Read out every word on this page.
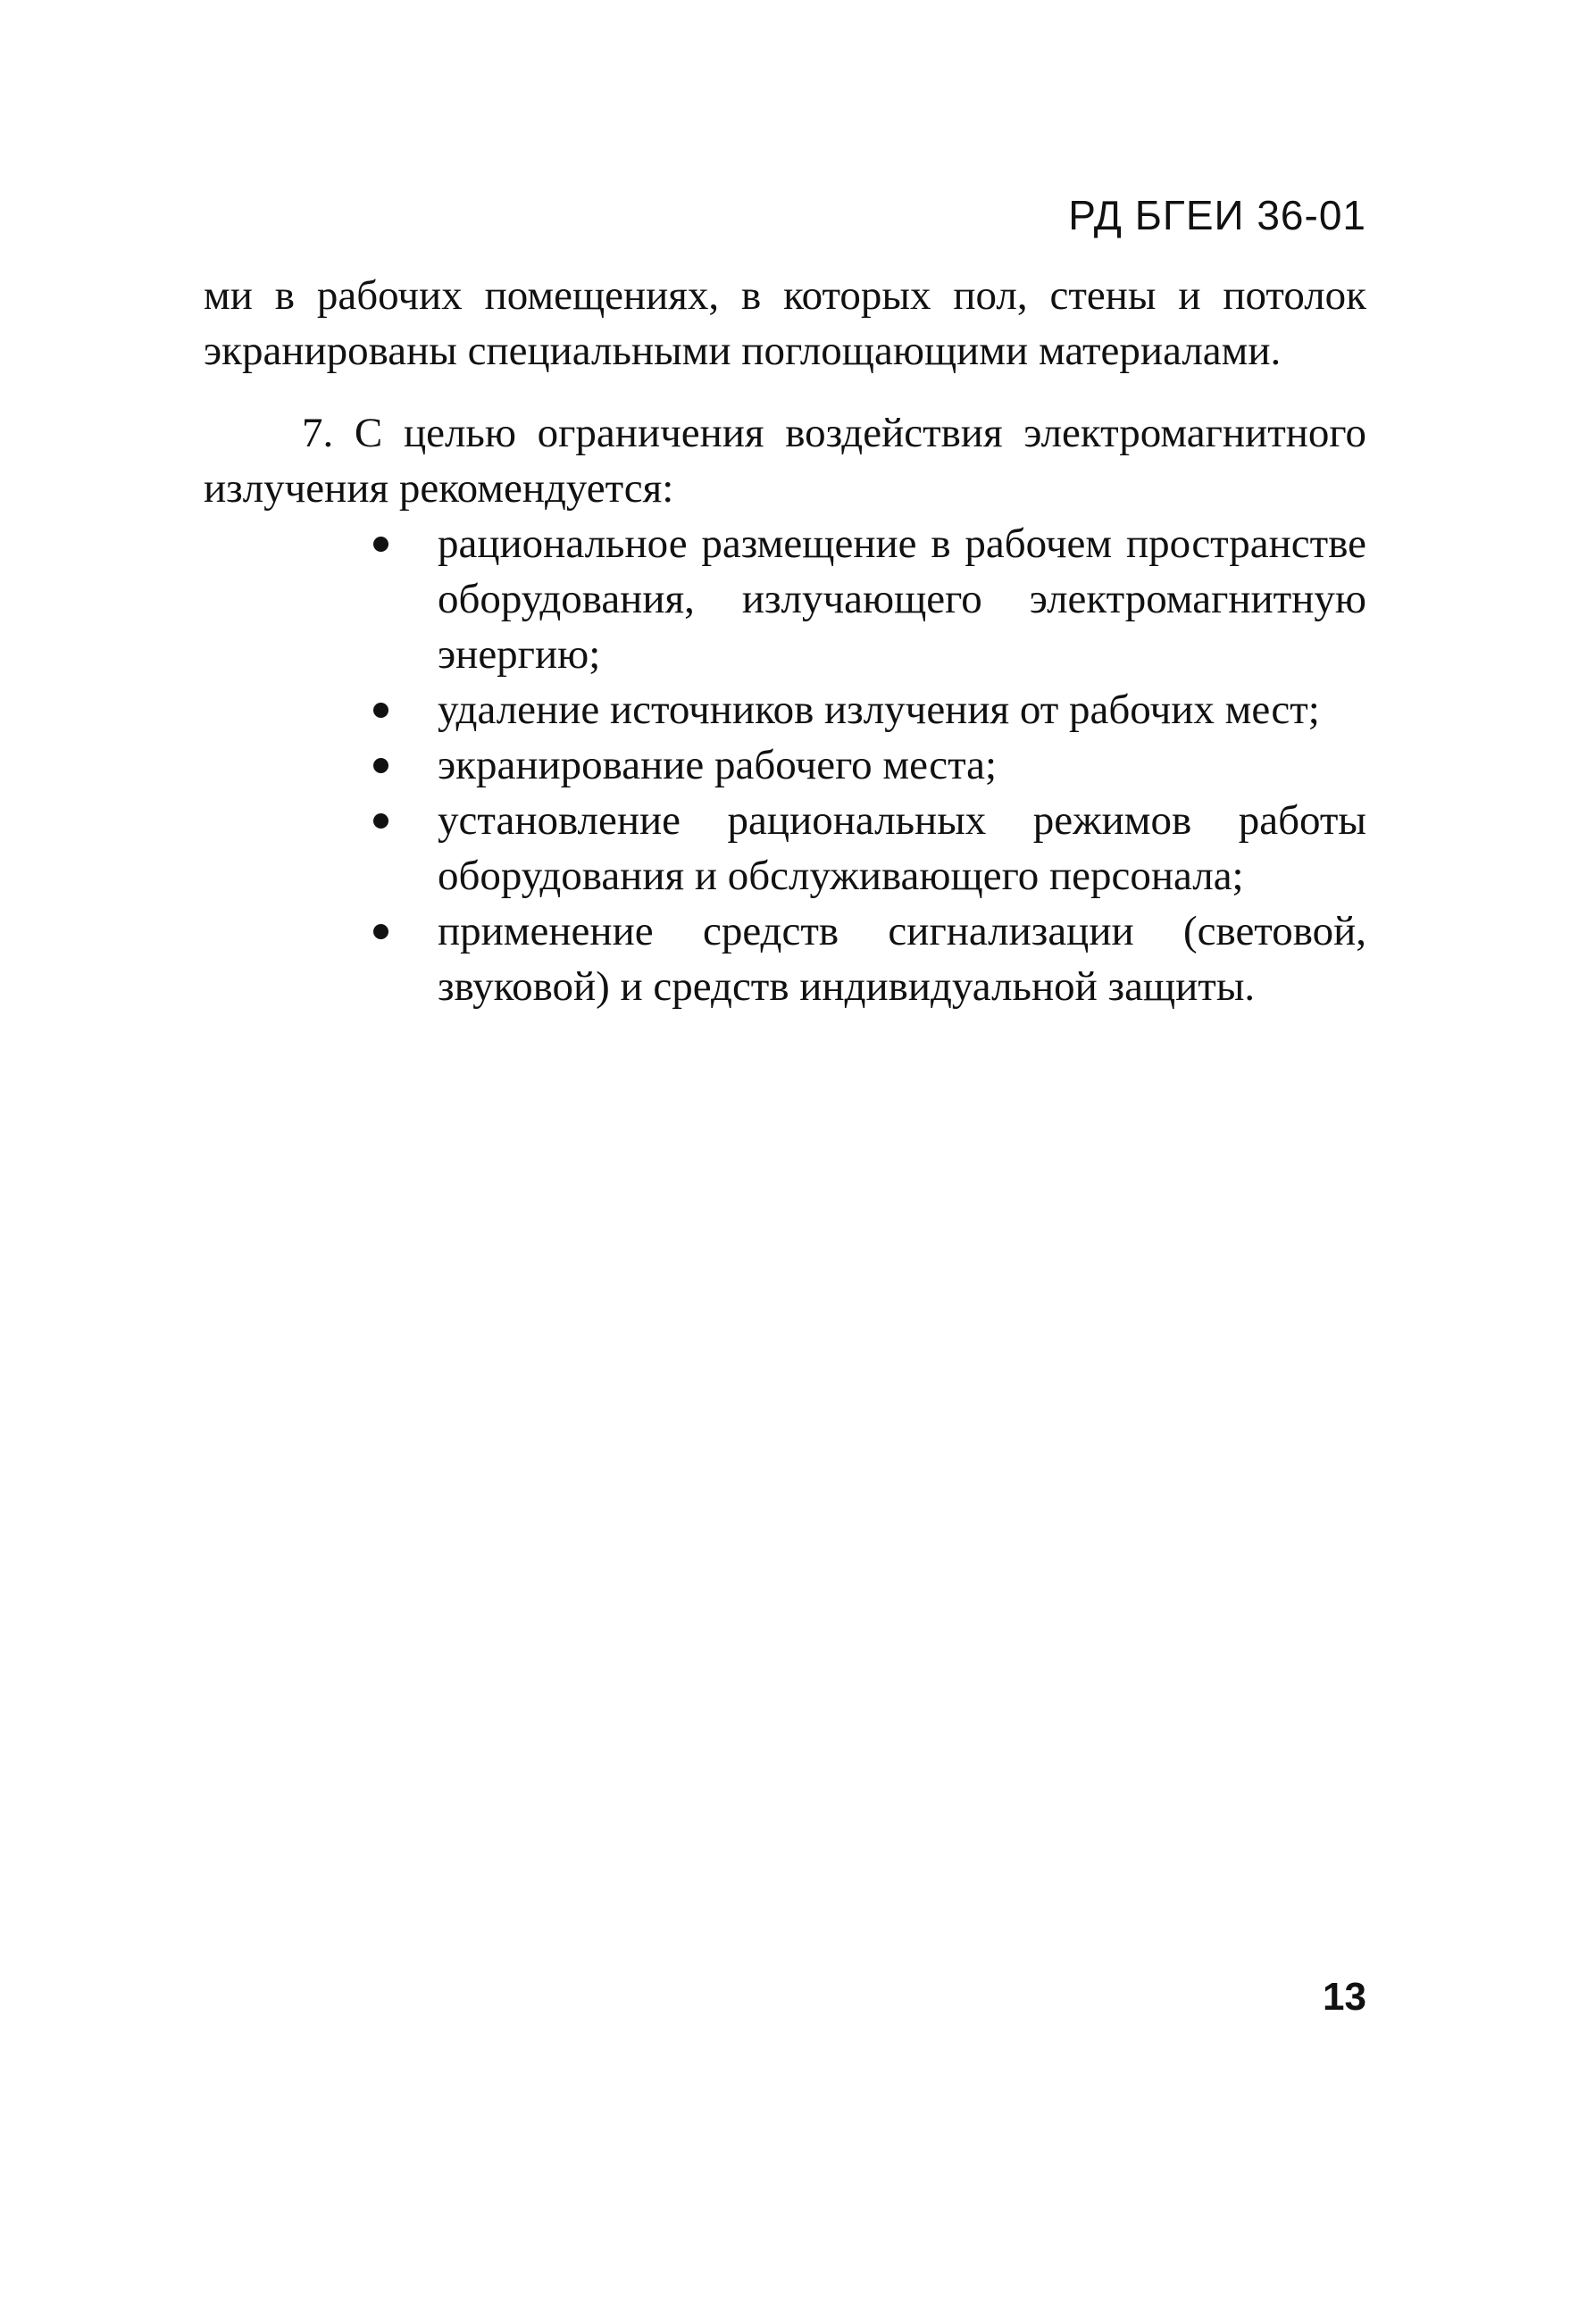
РД БГЕИ 36-01

ми в рабочих помещениях, в которых пол, стены и потолок экранированы специальными поглощающими материалами.

7. С целью ограничения воздействия электромагнитного излучения рекомендуется:

рациональное размещение в рабочем пространстве оборудования, излучающего электромагнитную энергию;
удаление источников излучения от рабочих мест;
экранирование рабочего места;
установление рациональных режимов работы оборудования и обслуживающего персонала;
применение средств сигнализации (световой, звуковой) и средств индивидуальной защиты.
13
